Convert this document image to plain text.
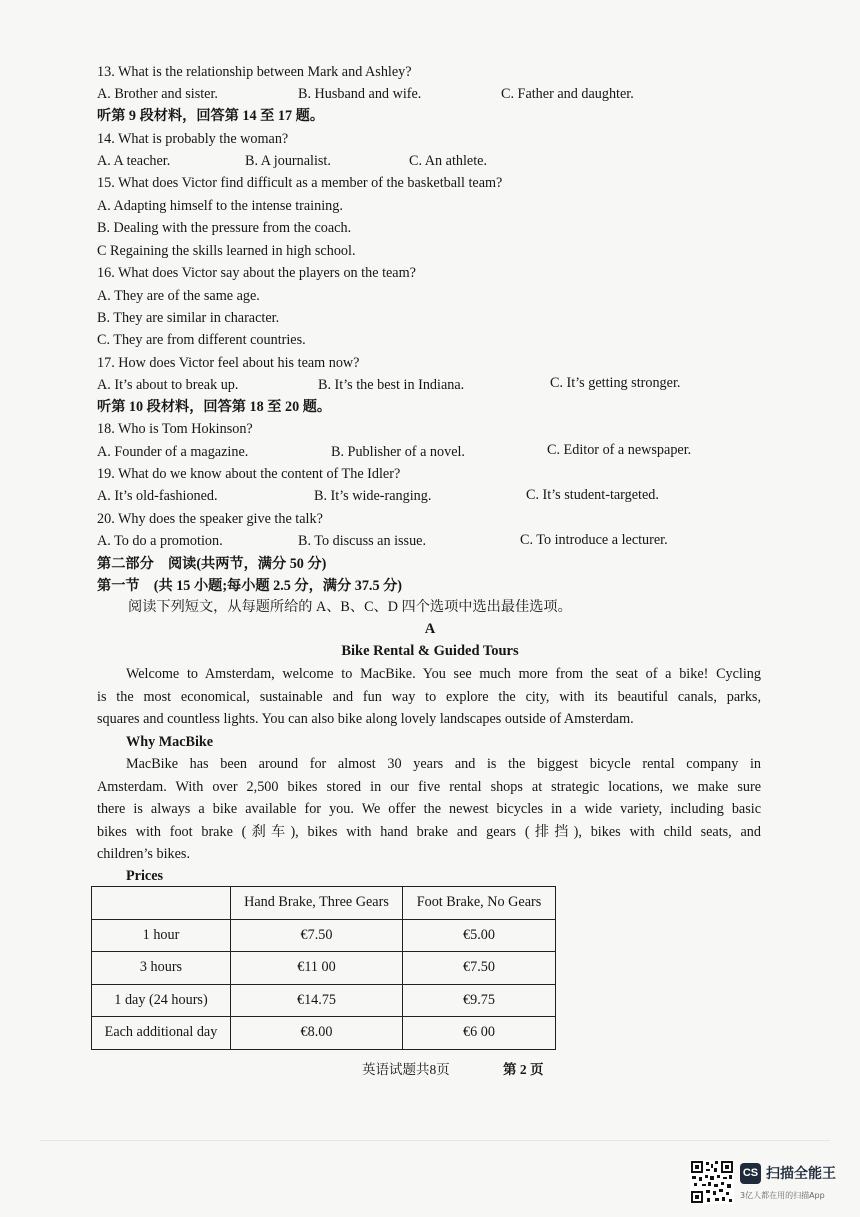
13. What is the relationship between Mark and Ashley?
A. Brother and sister.	B. Husband and wife.	C. Father and daughter.
听第 9 段材料，回答第 14 至 17 题。
14. What is probably the woman?
A. A teacher.	B. A journalist.	C. An athlete.
15. What does Victor find difficult as a member of the basketball team?
A. Adapting himself to the intense training.
B. Dealing with the pressure from the coach.
C Regaining the skills learned in high school.
16. What does Victor say about the players on the team?
A. They are of the same age.
B. They are similar in character.
C. They are from different countries.
17. How does Victor feel about his team now?
A. It’s about to break up.	B. It’s the best in Indiana.	C. It’s getting stronger.
听第 10 段材料，回答第 18 至 20 题。
18. Who is Tom Hokinson?
A. Founder of a magazine.	B. Publisher of a novel.	C. Editor of a newspaper.
19. What do we know about the content of The Idler?
A. It’s old-fashioned.	B. It’s wide-ranging.	C. It’s student-targeted.
20. Why does the speaker give the talk?
A. To do a promotion.	B. To discuss an issue.	C. To introduce a lecturer.
第二部分　阅读(共两节，满分 50 分)
第一节　(共 15 小题;每小题 2.5 分，满分 37.5 分)
阅读下列短文，从每题所给的 A、B、C、D 四个选项中选出最佳选项。
A
Bike Rental & Guided Tours
Welcome to Amsterdam, welcome to MacBike. You see much more from the seat of a bike! Cycling
is the most economical, sustainable and fun way to explore the city, with its beautiful canals, parks,
squares and countless lights. You can also bike along lovely landscapes outside of Amsterdam.
Why MacBike
MacBike has been around for almost 30 years and is the biggest bicycle rental company in
Amsterdam. With over 2,500 bikes stored in our five rental shops at strategic locations, we make sure
there is always a bike available for you. We offer the newest bicycles in a wide variety, including basic
bikes with foot brake (刹车), bikes with hand brake and gears (排挡), bikes with child seats, and
children’s bikes.
Prices
	Hand Brake, Three Gears	Foot Brake, No Gears
1 hour	€7.50	€5.00
3 hours	€11 00	€7.50
1 day (24 hours)	€14.75	€9.75
Each additional day	€8.00	€6 00
英语试题共8页	第 2 页
CS 扫描全能王
3亿人都在用的扫描App
